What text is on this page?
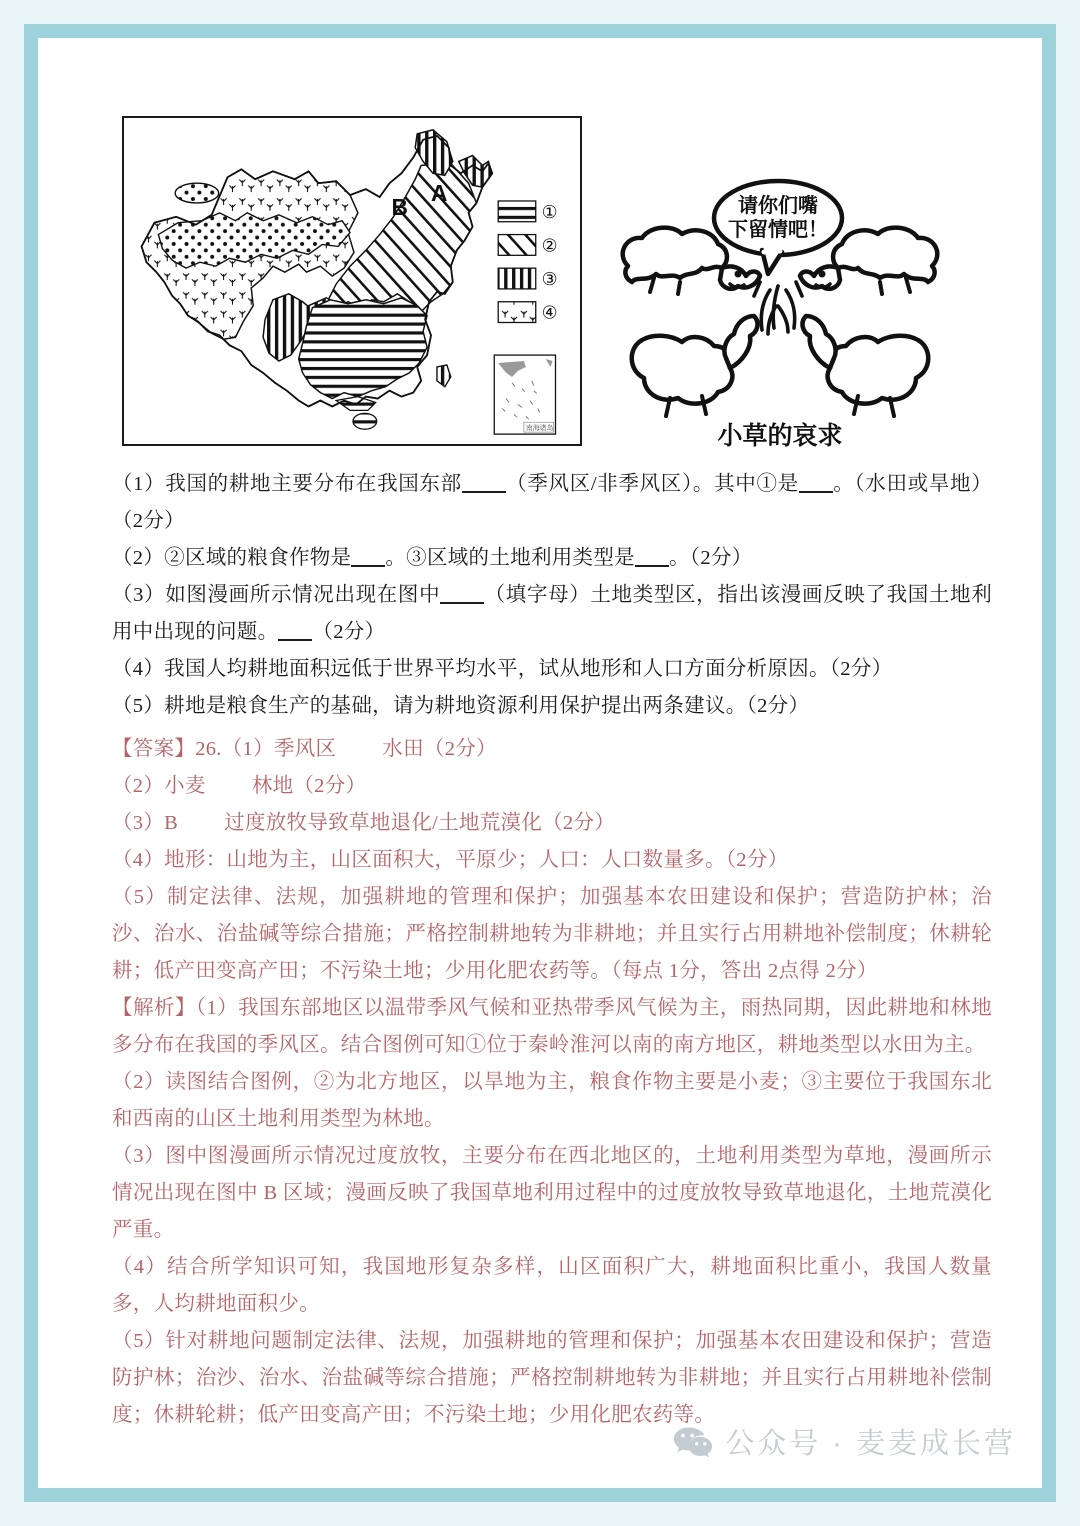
A
B	①
②
③
④
南海诸岛
请你们嘴
下留情吧！
小草的哀求

（1）我国的耕地主要分布在我国东部 （季风区/非季风区）。其中①是 。（水田或旱地）（2分）

（2）②区域的粮食作物是 。③区域的土地利用类型是 。（2分）

（3）如图漫画所示情况出现在图中 （填字母）土地类型区，指出该漫画反映了我国土地利用中出现的问题。 （2分）

（4）我国人均耕地面积远低于世界平均水平，试从地形和人口方面分析原因。（2分）

（5）耕地是粮食生产的基础，请为耕地资源利用保护提出两条建议。（2分）

【答案】26.（1）季风区 水田（2分）

（2）小麦 林地（2分）

（3）B 过度放牧导致草地退化/土地荒漠化（2分）

（4）地形：山地为主，山区面积大，平原少；人口：人口数量多。（2分）

（5）制定法律、法规，加强耕地的管理和保护；加强基本农田建设和保护；营造防护林；治沙、治水、治盐碱等综合措施；严格控制耕地转为非耕地；并且实行占用耕地补偿制度；休耕轮耕；低产田变高产田；不污染土地；少用化肥农药等。（每点 1分，答出 2点得 2分）

【解析】（1）我国东部地区以温带季风气候和亚热带季风气候为主，雨热同期，因此耕地和林地多分布在我国的季风区。结合图例可知①位于秦岭淮河以南的南方地区，耕地类型以水田为主。

（2）读图结合图例，②为北方地区，以旱地为主，粮食作物主要是小麦；③主要位于我国东北和西南的山区土地利用类型为林地。

（3）图中图漫画所示情况过度放牧，主要分布在西北地区的，土地利用类型为草地，漫画所示情况出现在图中 B 区域；漫画反映了我国草地利用过程中的过度放牧导致草地退化，土地荒漠化严重。

（4）结合所学知识可知，我国地形复杂多样，山区面积广大，耕地面积比重小，我国人数量多，人均耕地面积少。

（5）针对耕地问题制定法律、法规，加强耕地的管理和保护；加强基本农田建设和保护；营造防护林；治沙、治水、治盐碱等综合措施；严格控制耕地转为非耕地；并且实行占用耕地补偿制度；休耕轮耕；低产田变高产田；不污染土地；少用化肥农药等。

公众号 · 麦麦成长营
